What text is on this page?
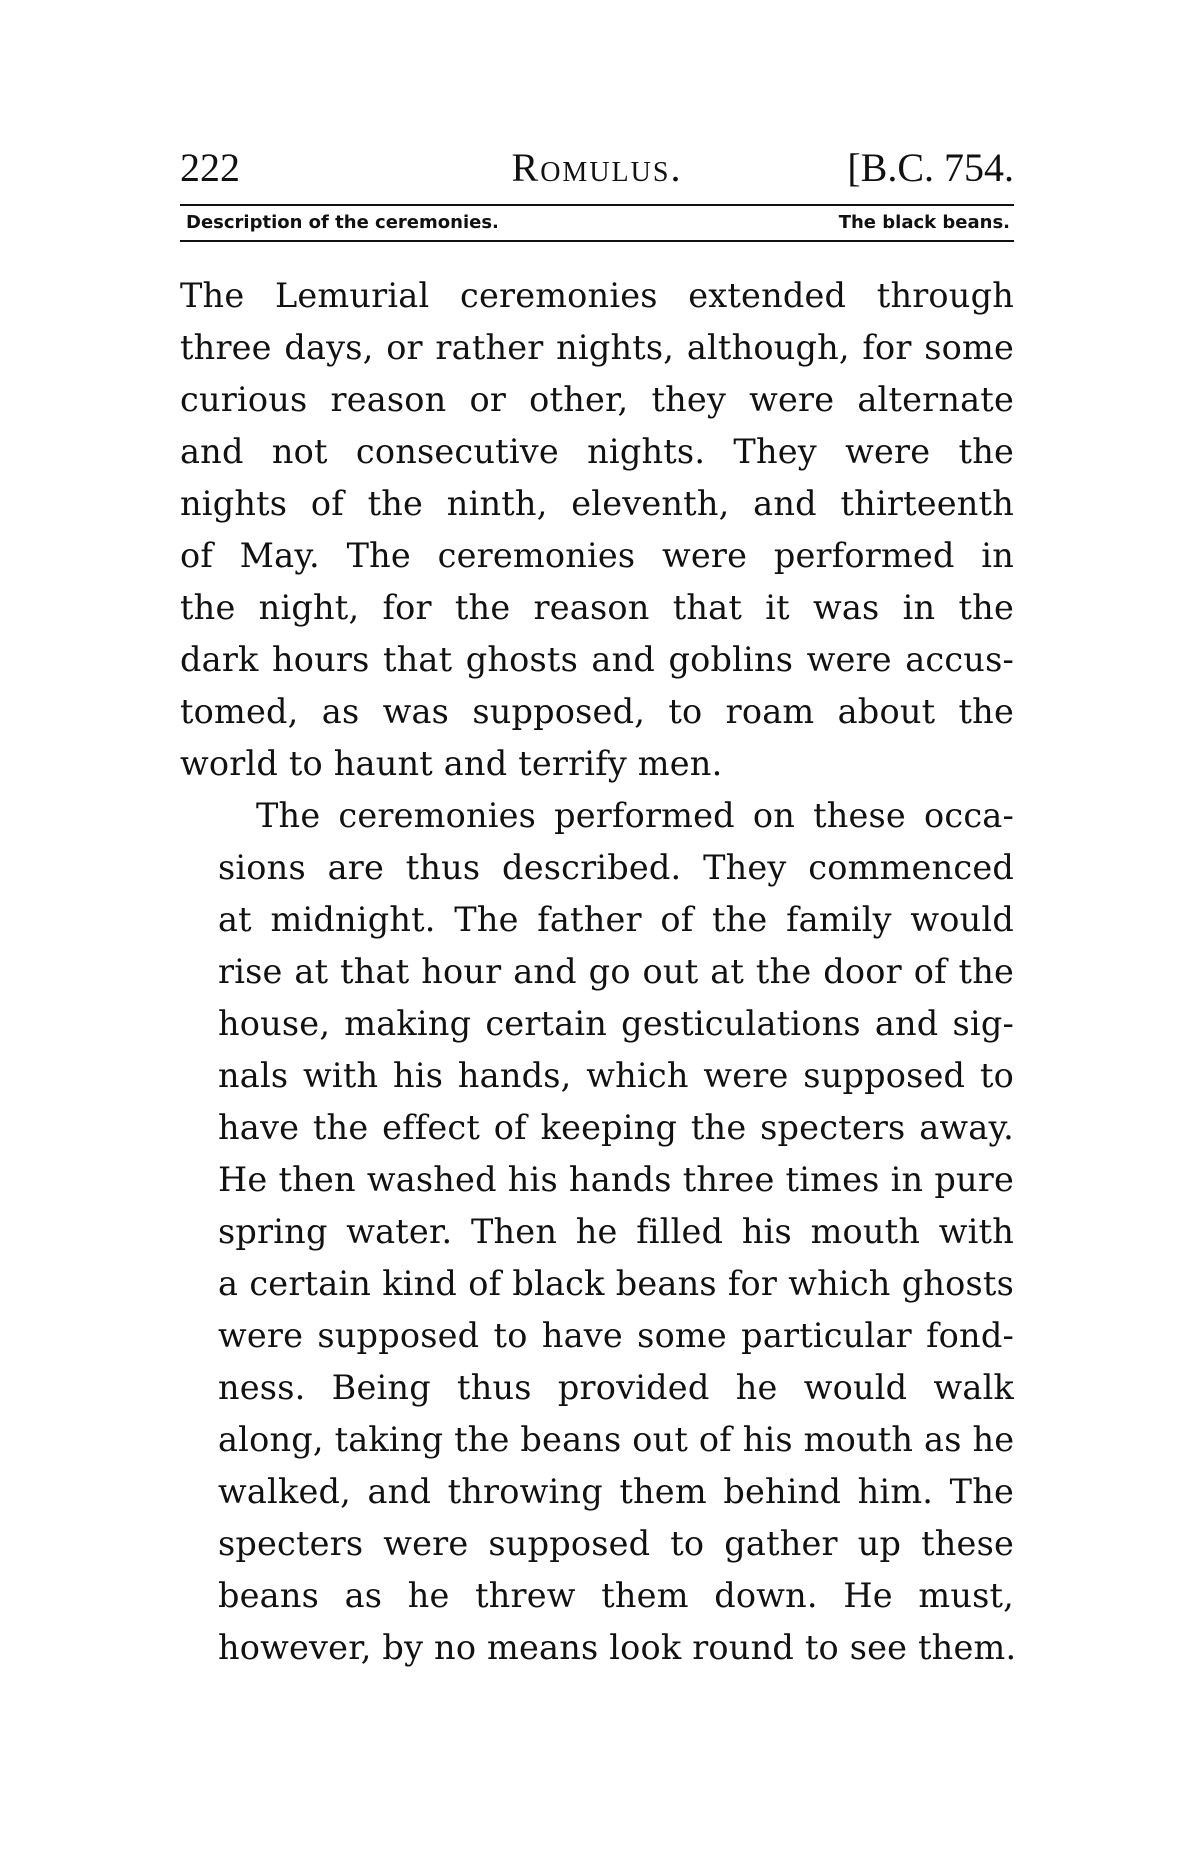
222	Romulus.	[B.C. 754.
Description of the ceremonies.	The black beans.
The Lemurial ceremonies extended through
three days, or rather nights, although, for some
curious reason or other, they were alternate
and not consecutive nights. They were the
nights of the ninth, eleventh, and thirteenth
of May. The ceremonies were performed in
the night, for the reason that it was in the
dark hours that ghosts and goblins were accus-
tomed, as was supposed, to roam about the
world to haunt and terrify men.
The ceremonies performed on these occa-
sions are thus described. They commenced
at midnight. The father of the family would
rise at that hour and go out at the door of the
house, making certain gesticulations and sig-
nals with his hands, which were supposed to
have the effect of keeping the specters away.
He then washed his hands three times in pure
spring water. Then he filled his mouth with
a certain kind of black beans for which ghosts
were supposed to have some particular fond-
ness. Being thus provided he would walk
along, taking the beans out of his mouth as he
walked, and throwing them behind him. The
specters were supposed to gather up these
beans as he threw them down. He must,
however, by no means look round to see them.
